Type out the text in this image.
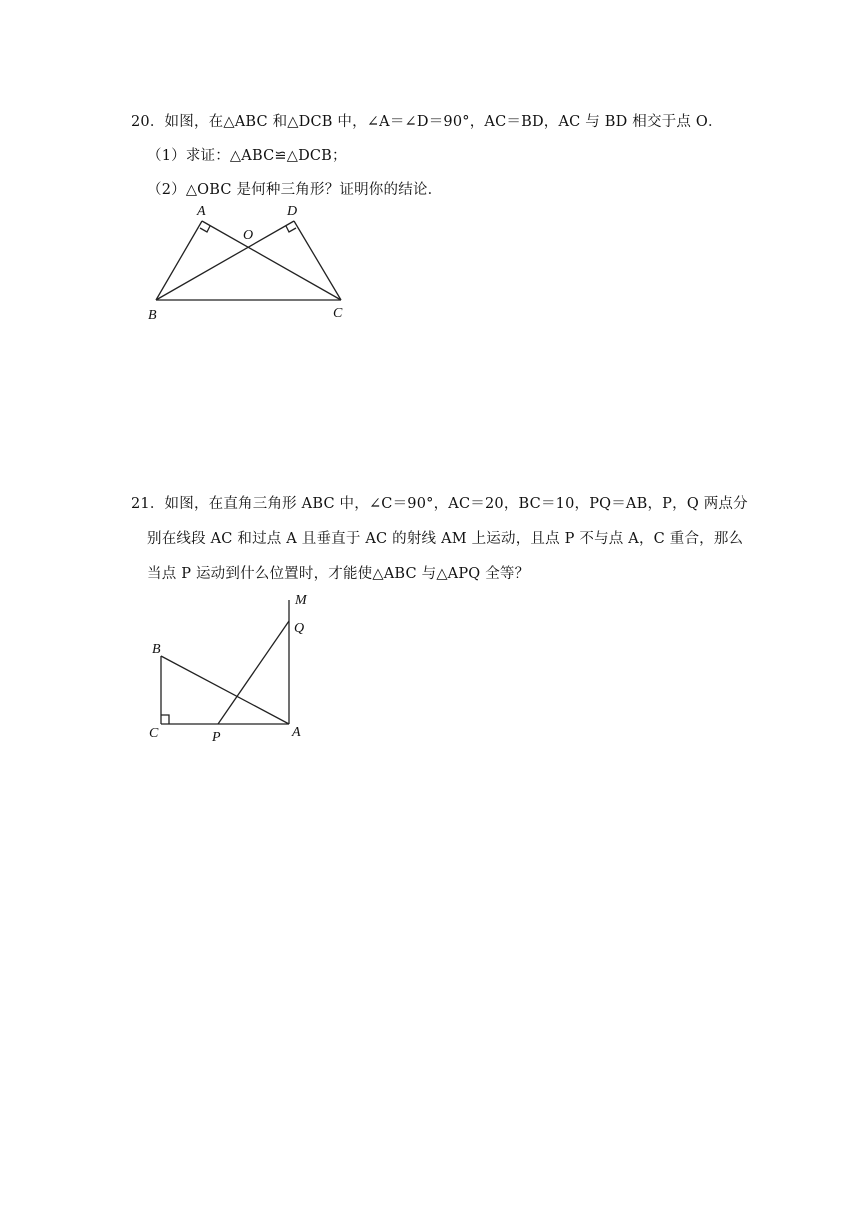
20．如图，在△ABC 和△DCB 中，∠A＝∠D＝90°，AC＝BD，AC 与 BD 相交于点 O．
（1）求证：△ABC≌△DCB；
（2）△OBC 是何种三角形？证明你的结论．
A	D
O
B	C
21．如图，在直角三角形 ABC 中，∠C＝90°，AC＝20，BC＝10，PQ＝AB，P，Q 两点分
别在线段 AC 和过点 A 且垂直于 AC 的射线 AM 上运动，且点 P 不与点 A，C 重合，那么
当点 P 运动到什么位置时，才能使△ABC 与△APQ 全等？
M
Q
B
C	P	A
